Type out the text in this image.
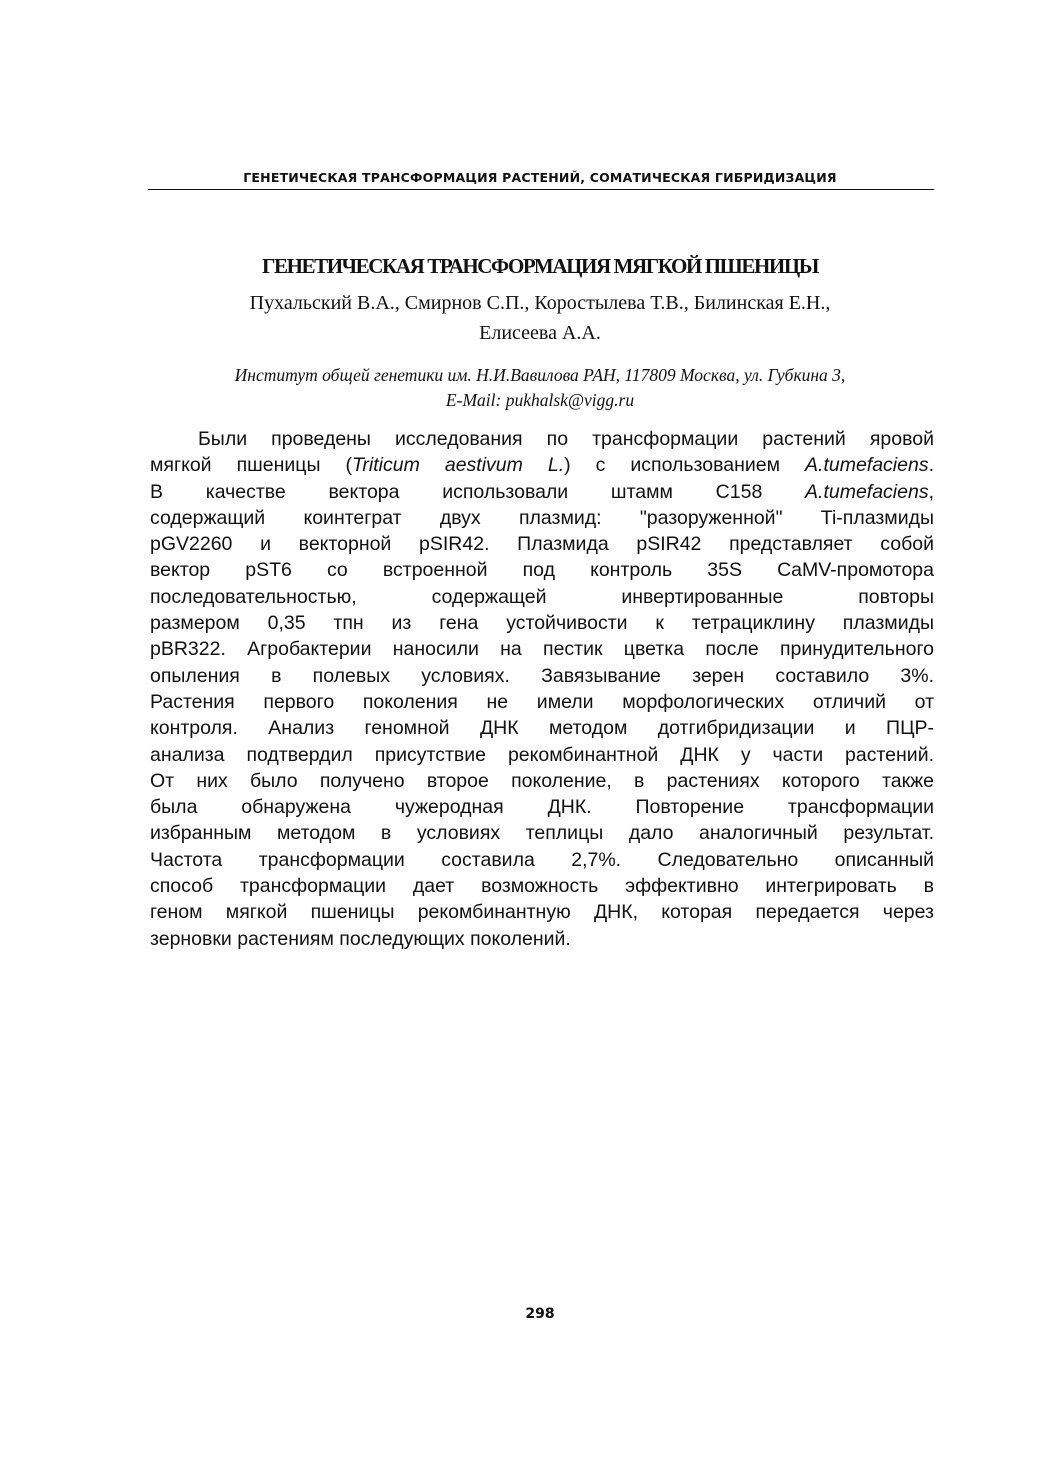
ГЕНЕТИЧЕСКАЯ ТРАНСФОРМАЦИЯ РАСТЕНИЙ, СОМАТИЧЕСКАЯ ГИБРИДИЗАЦИЯ
ГЕНЕТИЧЕСКАЯ ТРАНСФОРМАЦИЯ МЯГКОЙ ПШЕНИЦЫ
Пухальский В.А., Смирнов С.П., Коростылева Т.В., Билинская Е.Н.,
Елисеева А.А.
Институт общей генетики им. Н.И.Вавилова РАН, 117809 Москва, ул. Губкина 3,
E-Mail: pukhalsk@vigg.ru
Были проведены исследования по трансформации растений яровой
мягкой пшеницы (Triticum aestivum L.) с использованием A.tumefaciens.
В качестве вектора использовали штамм С158 A.tumefaciens,
содержащий коинтеграт двух плазмид: "разоруженной" Ti-плазмиды
pGV2260 и векторной pSIR42. Плазмида pSIR42 представляет собой
вектор pST6 со встроенной под контроль 35S CaMV-промотора
последовательностью, содержащей инвертированные повторы
размером 0,35 тпн из гена устойчивости к тетрациклину плазмиды
pBR322. Агробактерии наносили на пестик цветка после принудительного
опыления в полевых условиях. Завязывание зерен составило 3%.
Растения первого поколения не имели морфологических отличий от
контроля. Анализ геномной ДНК методом дотгибридизации и ПЦР-
анализа подтвердил присутствие рекомбинантной ДНК у части растений.
От них было получено второе поколение, в растениях которого также
была обнаружена чужеродная ДНК. Повторение трансформации
избранным методом в условиях теплицы дало аналогичный результат.
Частота трансформации составила 2,7%. Следовательно описанный
способ трансформации дает возможность эффективно интегрировать в
геном мягкой пшеницы рекомбинантную ДНК, которая передается через
зерновки растениям последующих поколений.
298
